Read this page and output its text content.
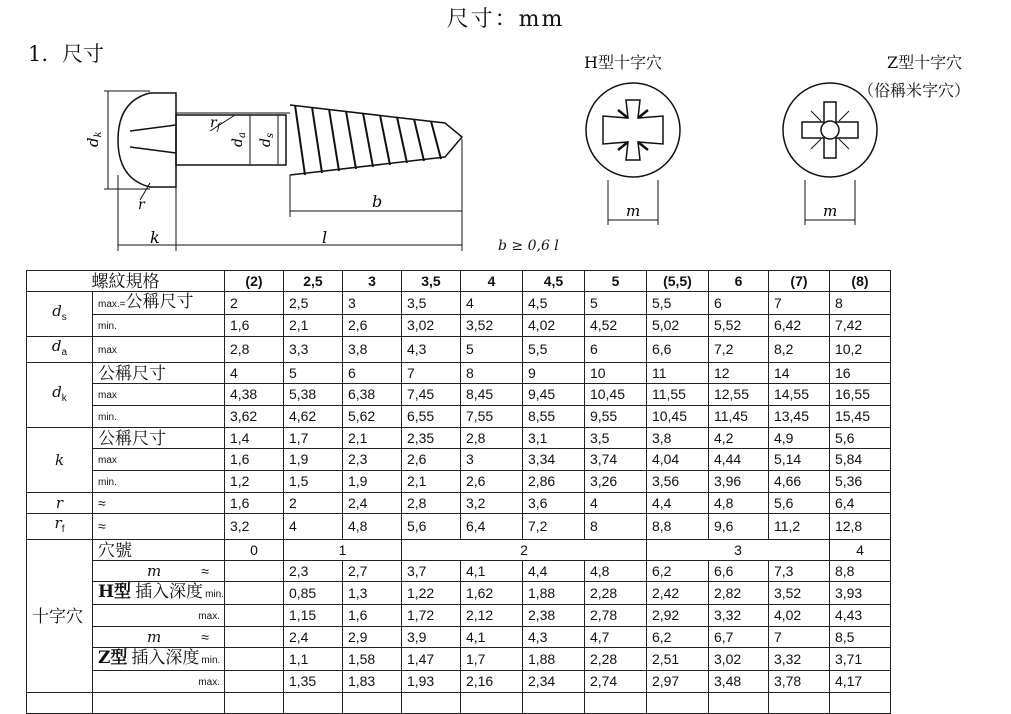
尺寸：mm
1. 尺寸
$d_k$
$d_a$
$d_s$
$r_f$
r	b
k	l	b ≥ 0,6 l
H型十字穴	Z型十字穴
（俗稱米字穴）
m	m
螺紋規格		(2)	2,5	3	3,5	4	4,5	5	(5,5)	6	(7)	(8)
$d_s$	max.=公稱尺寸	2	2,5	3	3,5	4	4,5	5	5,5	6	7	8
	min.	1,6	2,1	2,6	3,02	3,52	4,02	4,52	5,02	5,52	6,42	7,42
$d_a$	max	2,8	3,3	3,8	4,3	5	5,5	6	6,6	7,2	8,2	10,2
$d_k$	公稱尺寸	4	5	6	7	8	9	10	11	12	14	16
	max	4,38	5,38	6,38	7,45	8,45	9,45	10,45	11,55	12,55	14,55	16,55
	min.	3,62	4,62	5,62	6,55	7,55	8,55	9,55	10,45	11,45	13,45	15,45
k	公稱尺寸	1,4	1,7	2,1	2,35	2,8	3,1	3,5	3,8	4,2	4,9	5,6
	max	1,6	1,9	2,3	2,6	3	3,34	3,74	4,04	4,44	5,14	5,84
	min.	1,2	1,5	1,9	2,1	2,6	2,86	3,26	3,56	3,96	4,66	5,36
r	≈	1,6	2	2,4	2,8	3,2	3,6	4	4,4	4,8	5,6	6,4
$r_f$	≈	3,2	4	4,8	5,6	6,4	7,2	8	8,8	9,6	11,2	12,8
十字穴	穴號	0	1		2				3			4
	m ≈		2,3	2,7	3,7	4,1	4,4	4,8	6,2	6,6	7,3	8,8
	H型 插入深度 min.		0,85	1,3	1,22	1,62	1,88	2,28	2,42	2,82	3,52	3,93
	max.		1,15	1,6	1,72	2,12	2,38	2,78	2,92	3,32	4,02	4,43
	m ≈		2,4	2,9	3,9	4,1	4,3	4,7	6,2	6,7	7	8,5
	Z型 插入深度 min.		1,1	1,58	1,47	1,7	1,88	2,28	2,51	3,02	3,32	3,71
	max.		1,35	1,83	1,93	2,16	2,34	2,74	2,97	3,48	3,78	4,17
